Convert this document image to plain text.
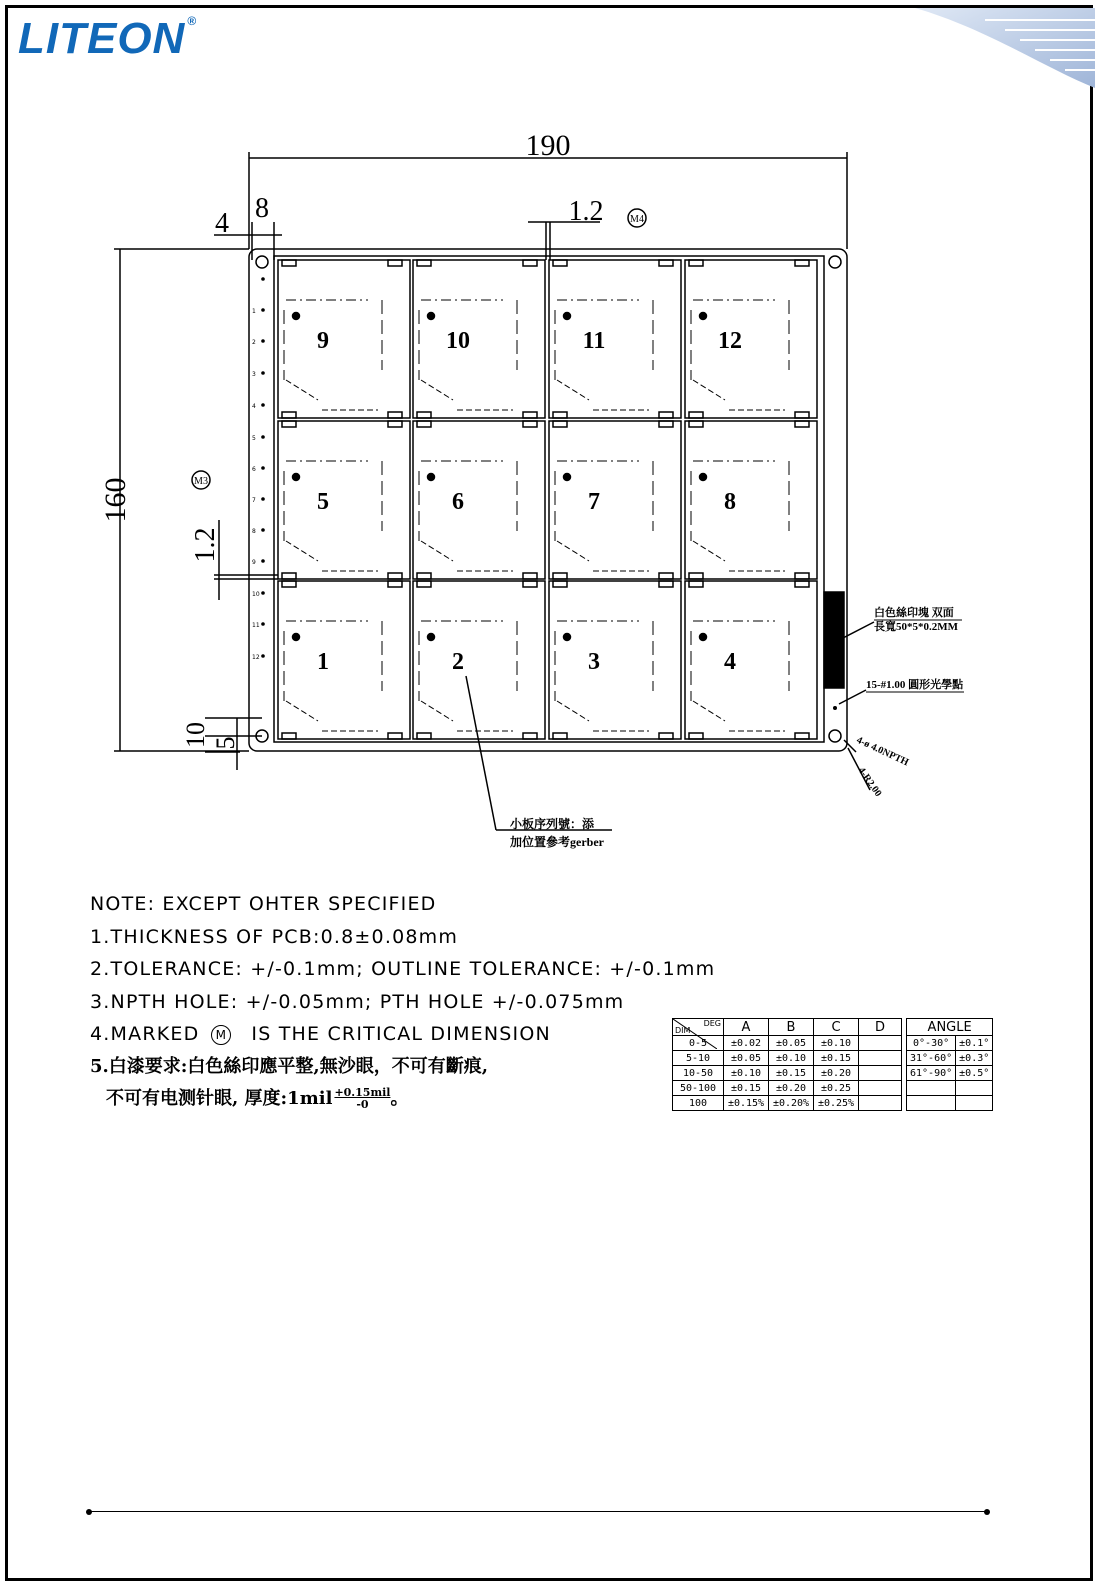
LITEON ®
9	10	11	12
5	6	7	8
1	2	3	4
1
2
3
4
5
6
7
8
9
10
11
12
190
4 8	1.2	M4
M3
160
1.2
10 5
白色絲印塊 双面
長寬50*5*0.2MM
15-#1.00 圓形光學點
4-ø 4.0NPTH
4-R2.00
小板序列號：添
加位置參考gerber
NOTE: EXCEPT OHTER SPECIFIED
1.THICKNESS OF PCB:0.8±0.08mm
2.TOLERANCE: +/-0.1mm; OUTLINE TOLERANCE: +/-0.1mm
3.NPTH HOLE: +/-0.05mm; PTH HOLE +/-0.075mm
4.MARKED M IS THE CRITICAL DIMENSION
5.白漆要求:白色絲印應平整,無沙眼，不可有斷痕,
不可有电测针眼, 厚度:1mil $\frac{\text{+0.15mil}}{-0}$。
DEG
DIM	A	B	C	D		ANGLE	
0-5	±0.02	±0.05	±0.10			0°-30°	±0.1°
5-10	±0.05	±0.10	±0.15			31°-60°	±0.3°
10-50	±0.10	±0.15	±0.20			61°-90°	±0.5°
50-100	±0.15	±0.20	±0.25				
100	±0.15%	±0.20%	±0.25%				
